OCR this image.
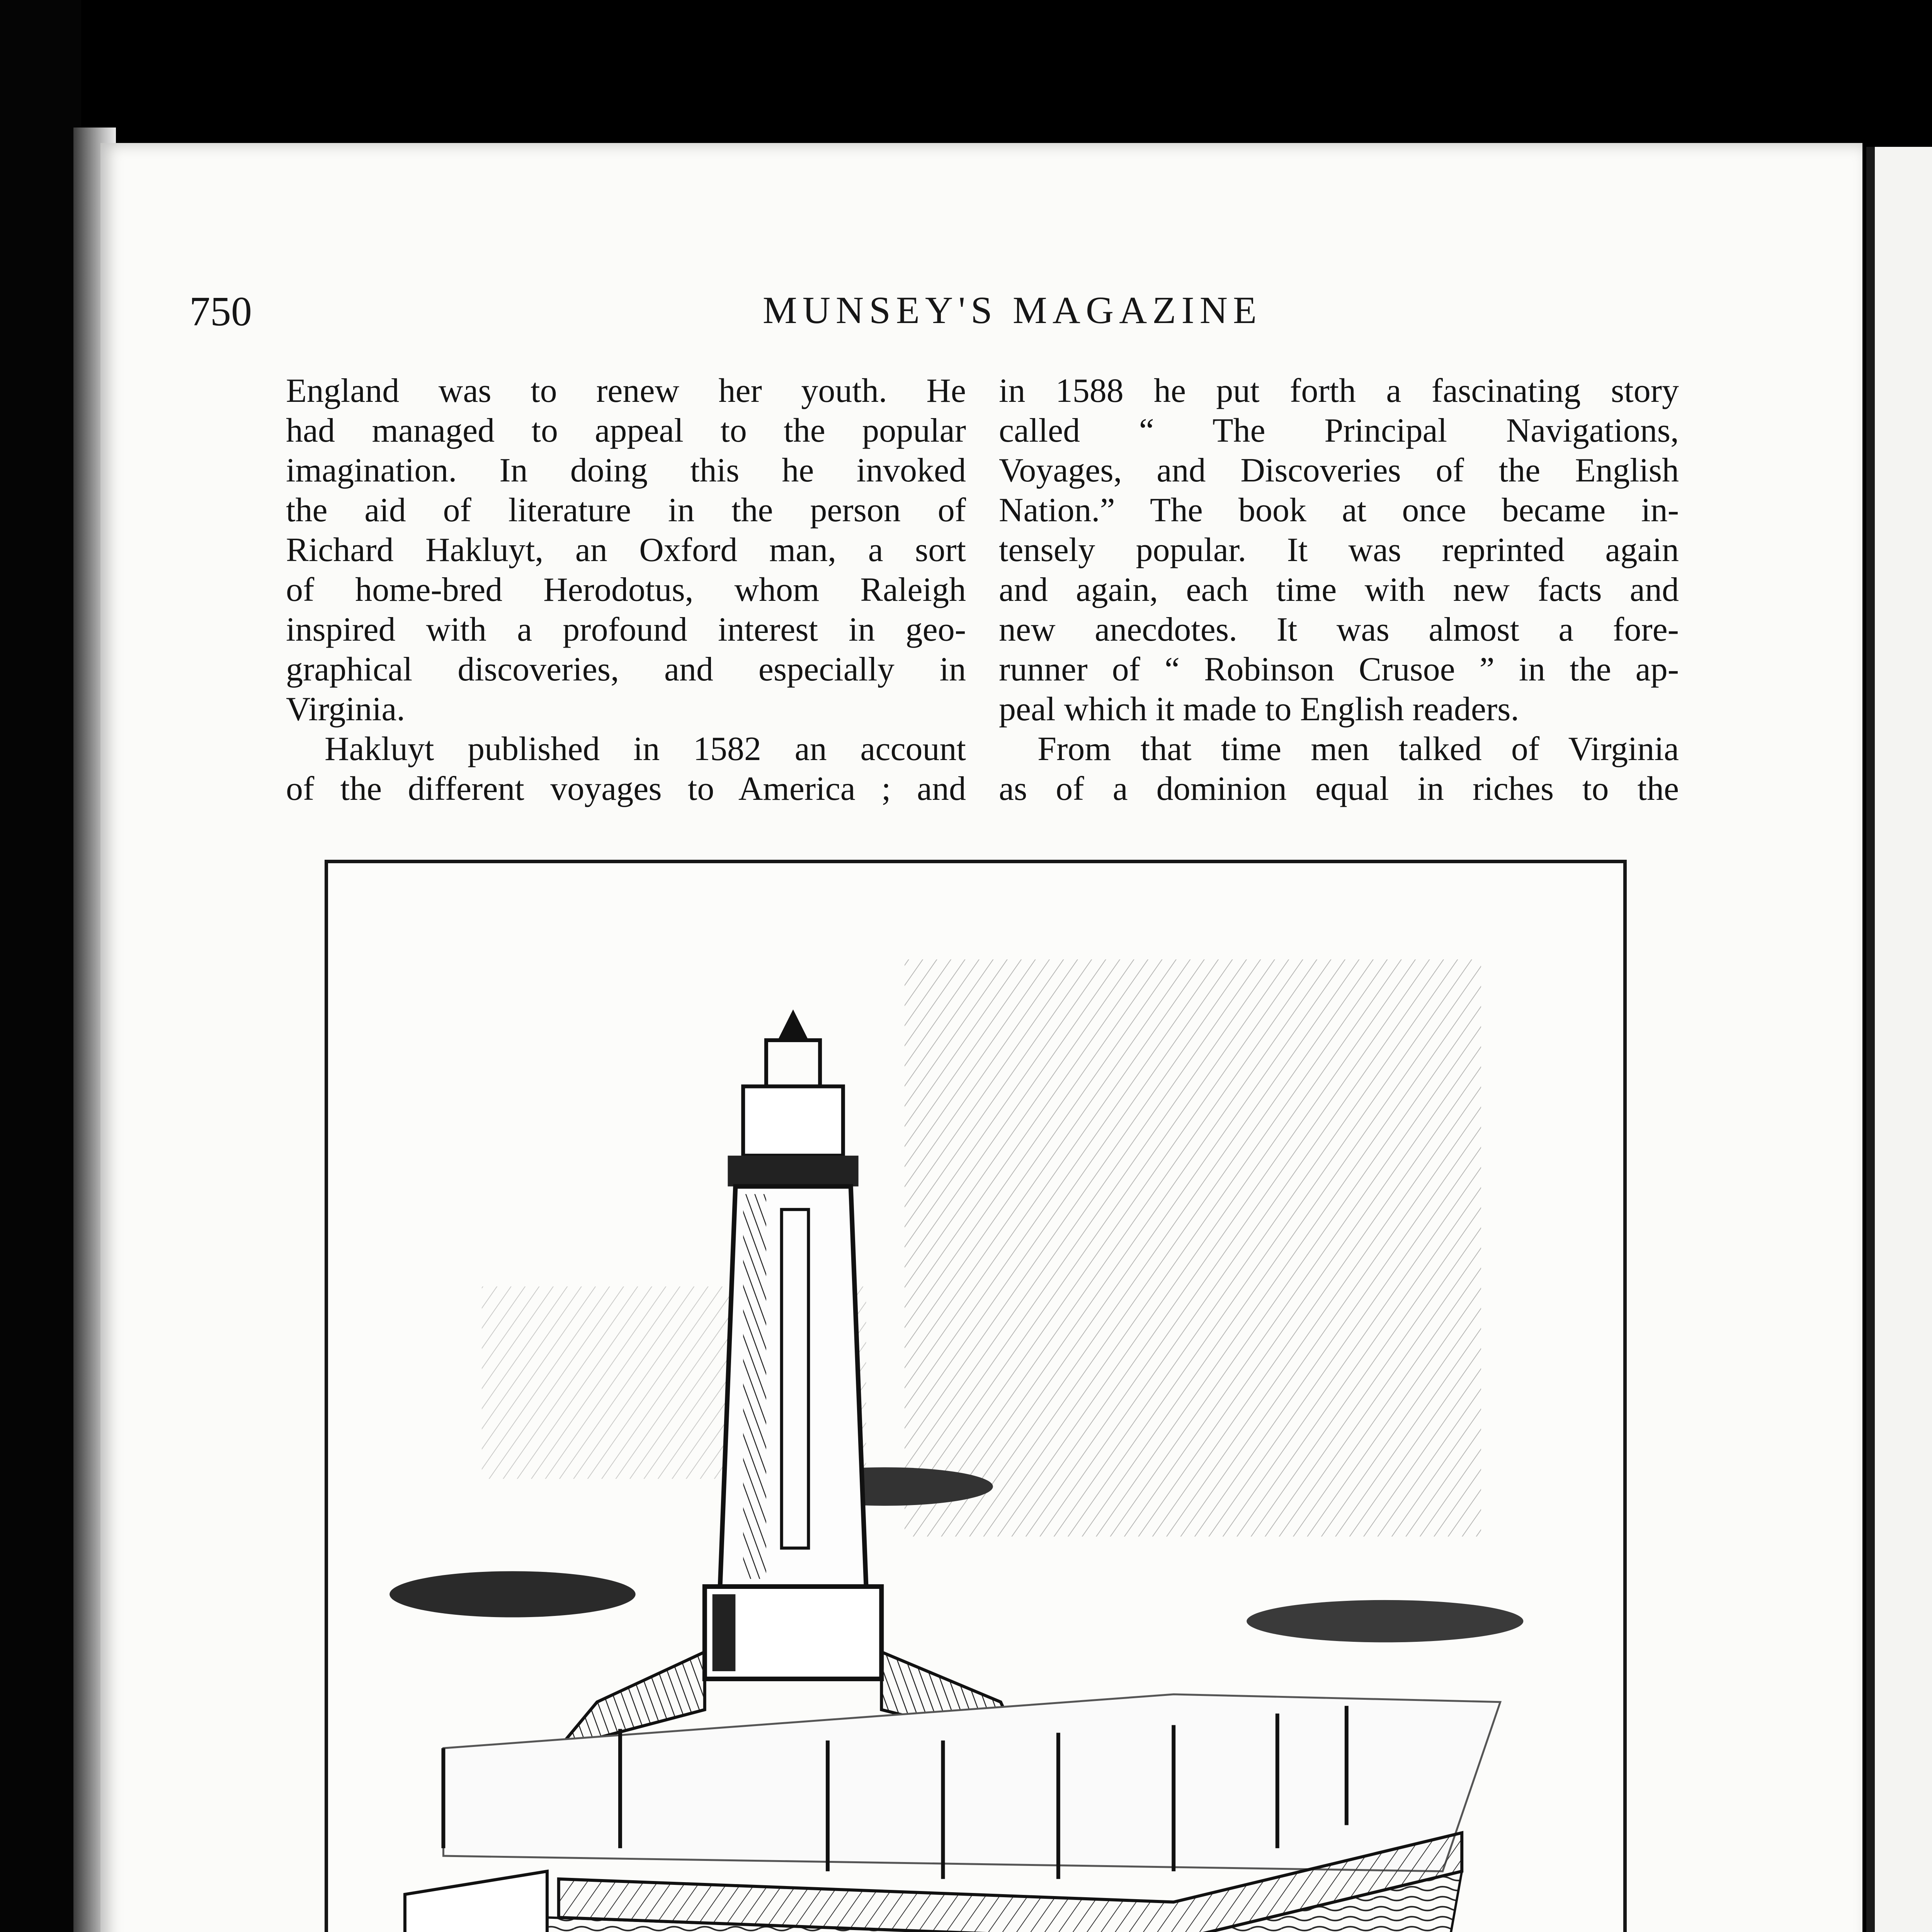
750	MUNSEY'S MAGAZINE
England was to renew her youth. He
had managed to appeal to the popular
imagination. In doing this he invoked
the aid of literature in the person of
Richard Hakluyt, an Oxford man, a sort
of home-bred Herodotus, whom Raleigh
inspired with a profound interest in geo-
graphical discoveries, and especially in
Virginia.
Hakluyt published in 1582 an account
of the different voyages to America ; and
in 1588 he put forth a fascinating story
called “ The Principal Navigations,
Voyages, and Discoveries of the English
Nation.” The book at once became in-
tensely popular. It was reprinted again
and again, each time with new facts and
new anecdotes. It was almost a fore-
runner of “ Robinson Crusoe ” in the ap-
peal which it made to English readers.
From that time men talked of Virginia
as of a dominion equal in riches to the
